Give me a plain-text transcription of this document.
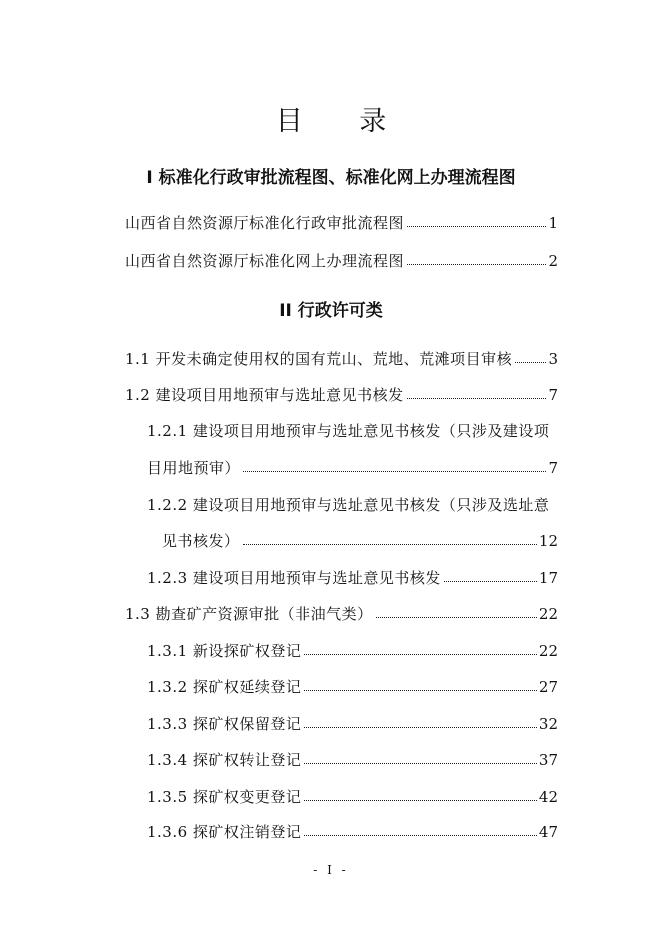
目 录
I 标准化行政审批流程图、标准化网上办理流程图
山西省自然资源厅标准化行政审批流程图	1
山西省自然资源厅标准化网上办理流程图	2
II 行政许可类
1.1 开发未确定使用权的国有荒山、荒地、荒滩项目审核 3
1.2 建设项目用地预审与选址意见书核发	7
1.2.1 建设项目用地预审与选址意见书核发（只涉及建设项
目用地预审）	7
1.2.2 建设项目用地预审与选址意见书核发（只涉及选址意
见书核发）	12
1.2.3 建设项目用地预审与选址意见书核发	17
1.3 勘查矿产资源审批（非油气类）	22
1.3.1 新设探矿权登记	22
1.3.2 探矿权延续登记	27
1.3.3 探矿权保留登记	32
1.3.4 探矿权转让登记	37
1.3.5 探矿权变更登记	42
1.3.6 探矿权注销登记	47
- I -
